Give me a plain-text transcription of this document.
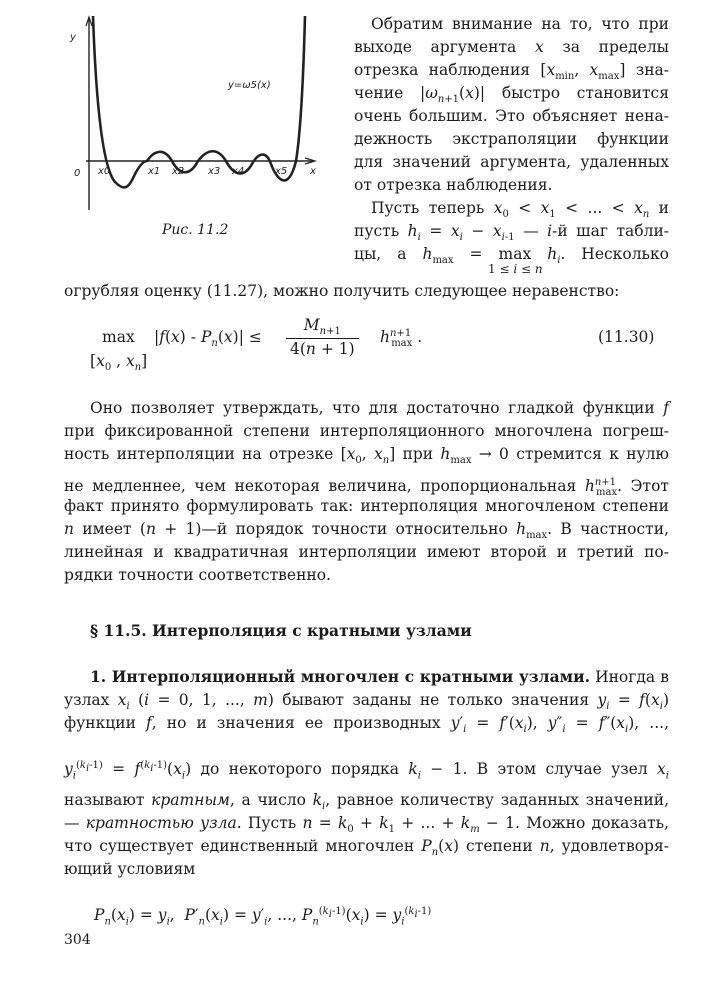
y
y=ω5(x)
0 x0	x1 x2 x3 x4	x5 x
Рис. 11.2
Обратим внимание на то, что при
выходе аргумента x за пределы
отрезка наблюдения [$x_{min}$, $x_{max}$] зна-
чение $|\omega_{n+1}(x)|$ быстро становится
очень большим. Это объясняет нена-
дежность экстраполяции функции
для значений аргумента, удаленных
от отрезка наблюдения.
Пусть теперь $x_0 < x_1$ < ... < $x_n$ и
пусть $h_i = x_i - x_{i-1}$ — i-й шаг табли-
цы, а $h_{max} = \max h_i$. Несколько
1 ≤ i ≤ n
огрубляя оценку (11.27), можно получить следующее неравенство:
max
[$x_0$ , $x_n$]
$|f(x) - P_n(x)| \le \frac{M_{n+1}}{4(n + 1)} h^{n+1}_{max}$ .	(11.30)
Оно позволяет утверждать, что для достаточно гладкой функции f
при фиксированной степени интерполяционного многочлена погреш-
ность интерполяции на отрезке [$x_0$, $x_n$] при $h_{max} \to 0$ стремится к нулю
не медленнее, чем некоторая величина, пропорциональная $h^{n+1}_{max}$. Этот
факт принято формулировать так: интерполяция многочленом степени
n имеет (n + 1)—й порядок точности относительно $h_{max}$. В частности,
линейная и квадратичная интерполяции имеют второй и третий по-
рядки точности соответственно.
§ 11.5. Интерполяция с кратными узлами
1. Интерполяционный многочлен с кратными узлами. Иногда в
узлах $x_i$ (i = 0, 1, ..., m) бывают заданы не только значения $y_i = f(x_i)$
функции f, но и значения ее производных $y'_i = f'(x_i)$, $y''_i = f''(x_i)$, ...,
$y_i^{(k_i-1)} = f^{(k_i-1)}(x_i)$ до некоторого порядка $k_i - 1$. В этом случае узел $x_i$
называют кратным, а число $k_i$, равное количеству заданных значений,
— кратностью узла. Пусть $n = k_0 + k_1$ + ... + $k_m - 1$. Можно доказать,
что существует единственный многочлен $P_n(x)$ степени n, удовлетворя-
ющий условиям
$P_n(x_i) = y_i$,  $P'_n(x_i) = y'_i$, ..., $P_n^{(k_i-1)}(x_i) = y_i^{(k_i-1)}$
304
